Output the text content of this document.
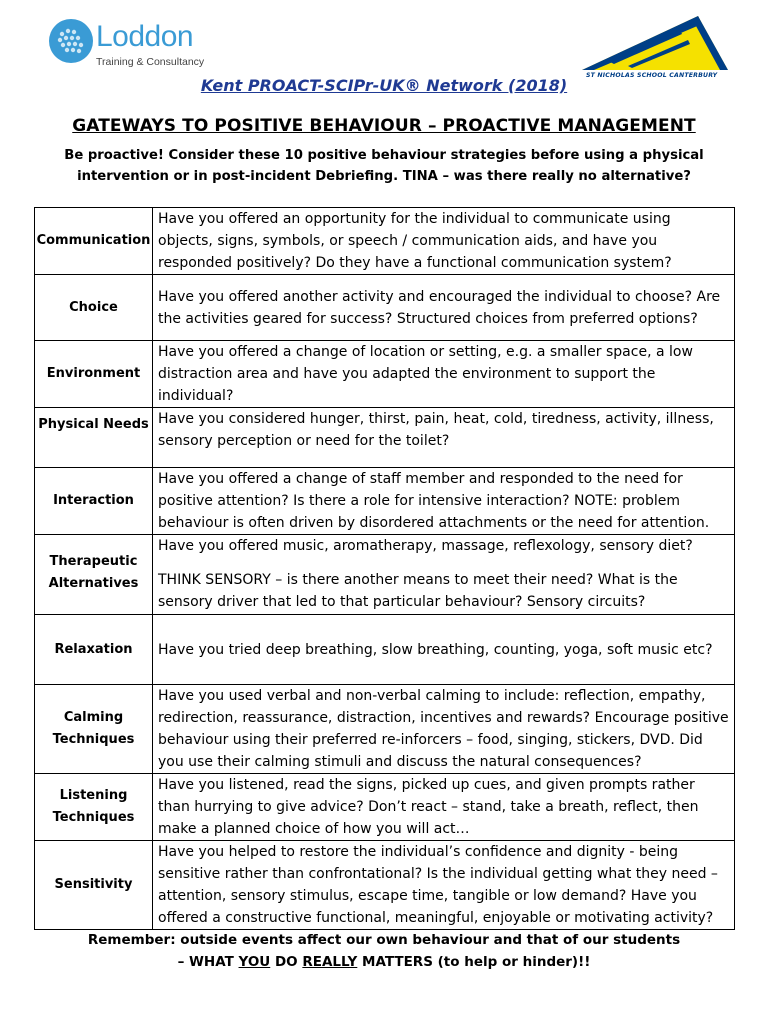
Loddon
Training & Consultancy
ST NICHOLAS SCHOOL CANTERBURY
Kent PROACT-SCIPr-UK® Network (2018)
GATEWAYS TO POSITIVE BEHAVIOUR – PROACTIVE MANAGEMENT
Be proactive! Consider these 10 positive behaviour strategies before using a physical
intervention or in post-incident Debriefing. TINA – was there really no alternative?
Communication	Have you offered an opportunity for the individual to communicate using objects, signs, symbols, or speech / communication aids, and have you responded positively? Do they have a functional communication system?
Choice	Have you offered another activity and encouraged the individual to choose? Are the activities geared for success? Structured choices from preferred options?
Environment	Have you offered a change of location or setting, e.g. a smaller space, a low distraction area and have you adapted the environment to support the individual?
Physical Needs	Have you considered hunger, thirst, pain, heat, cold, tiredness, activity, illness, sensory perception or need for the toilet?
Interaction	Have you offered a change of staff member and responded to the need for positive attention? Is there a role for intensive interaction? NOTE: problem behaviour is often driven by disordered attachments or the need for attention.
Therapeutic Alternatives	Have you offered music, aromatherapy, massage, reflexology, sensory diet?
THINK SENSORY – is there another means to meet their need? What is the sensory driver that led to that particular behaviour? Sensory circuits?

Relaxation	Have you tried deep breathing, slow breathing, counting, yoga, soft music etc?
Calming Techniques	Have you used verbal and non-verbal calming to include: reflection, empathy, redirection, reassurance, distraction, incentives and rewards? Encourage positive behaviour using their preferred re-inforcers – food, singing, stickers, DVD. Did you use their calming stimuli and discuss the natural consequences?
Listening Techniques	Have you listened, read the signs, picked up cues, and given prompts rather than hurrying to give advice? Don’t react – stand, take a breath, reflect, then make a planned choice of how you will act…
Sensitivity	Have you helped to restore the individual’s confidence and dignity - being sensitive rather than confrontational? Is the individual getting what they need – attention, sensory stimulus, escape time, tangible or low demand? Have you offered a constructive functional, meaningful, enjoyable or motivating activity?
Remember: outside events affect our own behaviour and that of our students
– WHAT YOU DO REALLY MATTERS (to help or hinder)!!
